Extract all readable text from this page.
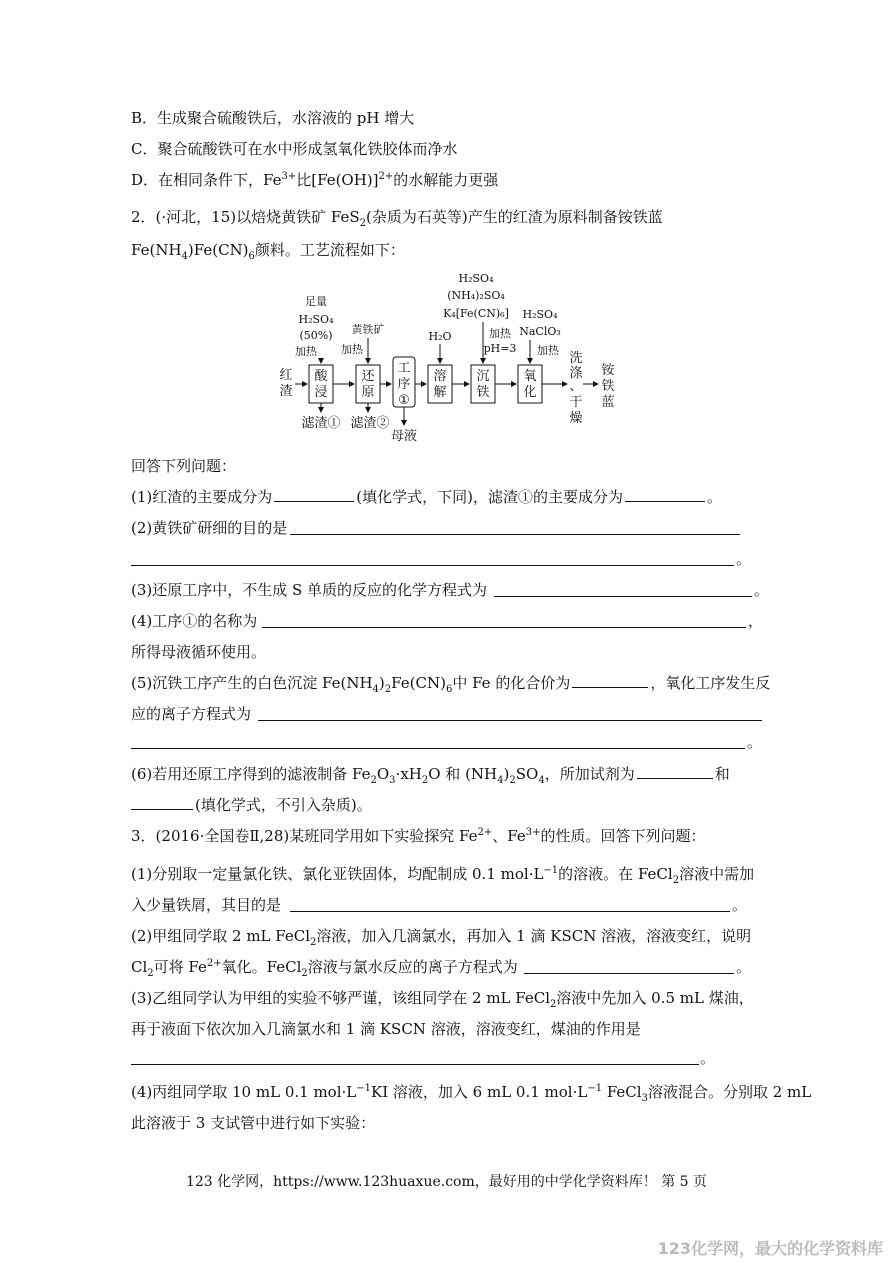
B．生成聚合硫酸铁后，水溶液的 pH 增大
C．聚合硫酸铁可在水中形成氢氧化铁胶体而净水
D．在相同条件下，$Fe^{3+}$比$[Fe(OH)]^{2+}$的水解能力更强
2．(·河北，15)以焙烧黄铁矿 FeS$_2$(杂质为石英等)产生的红渣为原料制备铵铁蓝
$Fe(NH_4)Fe(CN)_6$颜料。工艺流程如下：
足量
H₂SO₄
(50%)
加热
黄铁矿
加热
H₂O
H₂SO₄
(NH₄)₂SO₄
K₄[Fe(CN)₆]
加热
pH=3
H₂SO₄
NaClO₃
加热
红
渣
酸
浸
还
原
工
序
①
溶
解
沉
铁
氧
化
洗
涤
、
干
燥
铵
铁
蓝
滤渣① 滤渣②
母液
回答下列问题：
(1)红渣的主要成分为	(填化学式，下同)，滤渣①的主要成分为	。
(2)黄铁矿研细的目的是
。
(3)还原工序中，不生成 S 单质的反应的化学方程式为	。
(4)工序①的名称为	，
所得母液循环使用。
(5)沉铁工序产生的白色沉淀 $Fe(NH_4)_2Fe(CN)_6$中 Fe 的化合价为	，氧化工序发生反
应的离子方程式为
。
(6)若用还原工序得到的滤液制备 $Fe_2O_3\cdot xH_2O$ 和 $(NH_4)_2SO_4$，所加试剂为	和
(填化学式，不引入杂质)。
3．(2016·全国卷Ⅱ,28)某班同学用如下实验探究 $Fe^{2+}$、$Fe^{3+}$的性质。回答下列问题：
(1)分别取一定量氯化铁、氯化亚铁固体，均配制成 0.1 $mol\cdot L^{-1}$的溶液。在 FeCl$_2$溶液中需加
入少量铁屑，其目的是	。
(2)甲组同学取 2 mL FeCl$_2$溶液，加入几滴氯水，再加入 1 滴 KSCN 溶液，溶液变红，说明
$Cl_2$可将 $Fe^{2+}$氧化。FeCl$_2$溶液与氯水反应的离子方程式为	。
(3)乙组同学认为甲组的实验不够严谨，该组同学在 2 mL FeCl$_2$溶液中先加入 0.5 mL 煤油，
再于液面下依次加入几滴氯水和 1 滴 KSCN 溶液，溶液变红，煤油的作用是
。
(4)丙组同学取 10 mL 0.1 $mol\cdot L^{-1}KI$ 溶液，加入 6 mL 0.1 $mol\cdot L^{-1}$ FeCl$_3$溶液混合。分别取 2 mL
此溶液于 3 支试管中进行如下实验：
123 化学网，https://www.123huaxue.com，最好用的中学化学资料库！ 第 5 页
123化学网，最大的化学资料库
